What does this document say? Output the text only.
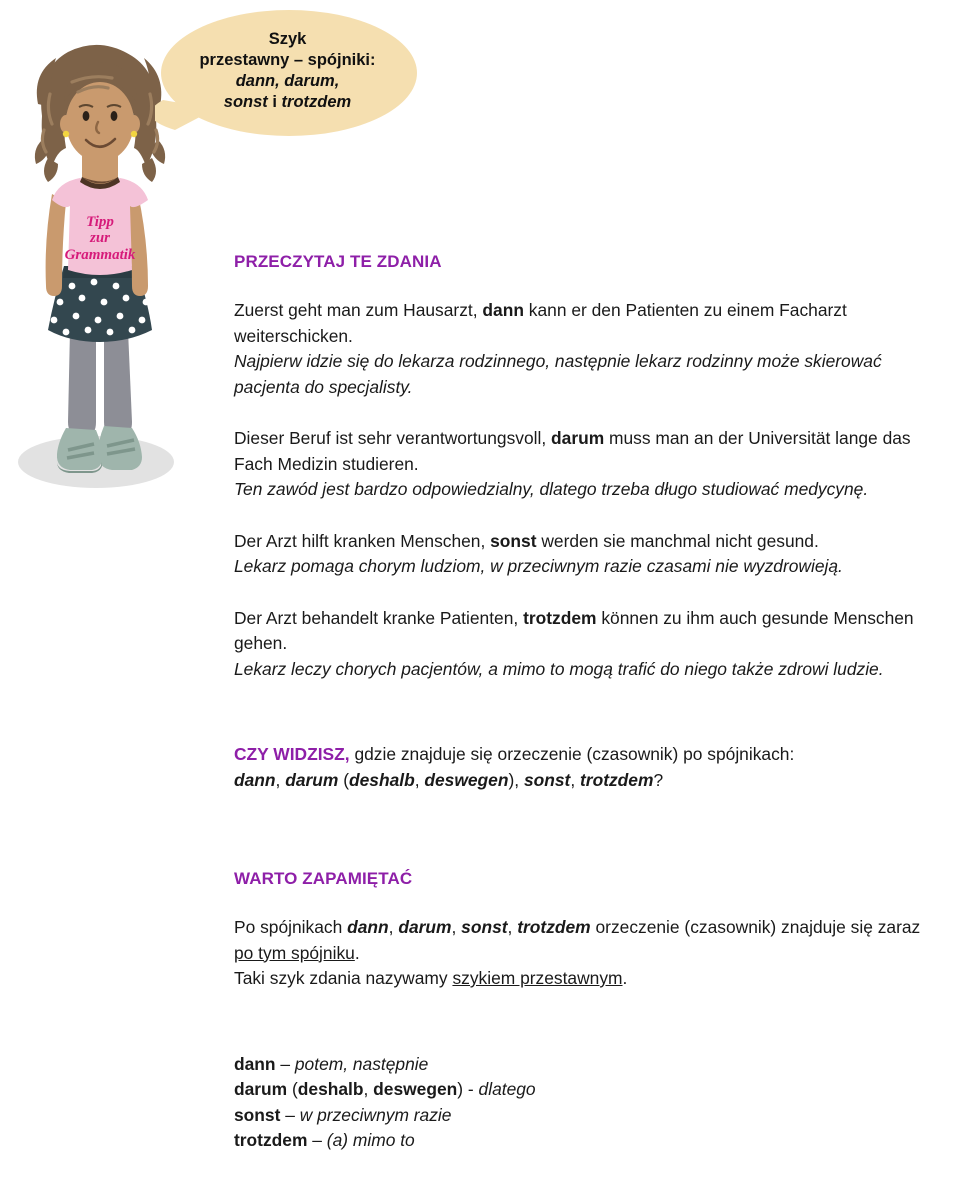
Tipp
zur
Grammatik
Szyk
przestawny – spójniki:
dann, darum,
sonst i trotzdem
PRZECZYTAJ TE ZDANIA

Zuerst geht man zum Hausarzt, dann kann er den Patienten zu einem Facharzt weiterschicken.
Najpierw idzie się do lekarza rodzinnego, następnie lekarz rodzinny może skierować pacjenta do specjalisty.

Dieser Beruf ist sehr verantwortungsvoll, darum muss man an der Universität lange das Fach Medizin studieren.
Ten zawód jest bardzo odpowiedzialny, dlatego trzeba długo studiować medycynę.

Der Arzt hilft kranken Menschen, sonst werden sie manchmal nicht gesund.
Lekarz pomaga chorym ludziom, w przeciwnym razie czasami nie wyzdrowieją.

Der Arzt behandelt kranke Patienten, trotzdem können zu ihm auch gesunde Menschen gehen.
Lekarz leczy chorych pacjentów, a mimo to mogą trafić do niego także zdrowi ludzie.

CZY WIDZISZ, gdzie znajduje się orzeczenie (czasownik) po spójnikach:
dann, darum (deshalb, deswegen), sonst, trotzdem?

WARTO ZAPAMIĘTAĆ

Po spójnikach dann, darum, sonst, trotzdem orzeczenie (czasownik) znajduje się zaraz po tym spójniku.
Taki szyk zdania nazywamy szykiem przestawnym.

dann – potem, następnie
darum (deshalb, deswegen) - dlatego
sonst – w przeciwnym razie
trotzdem – (a) mimo to
